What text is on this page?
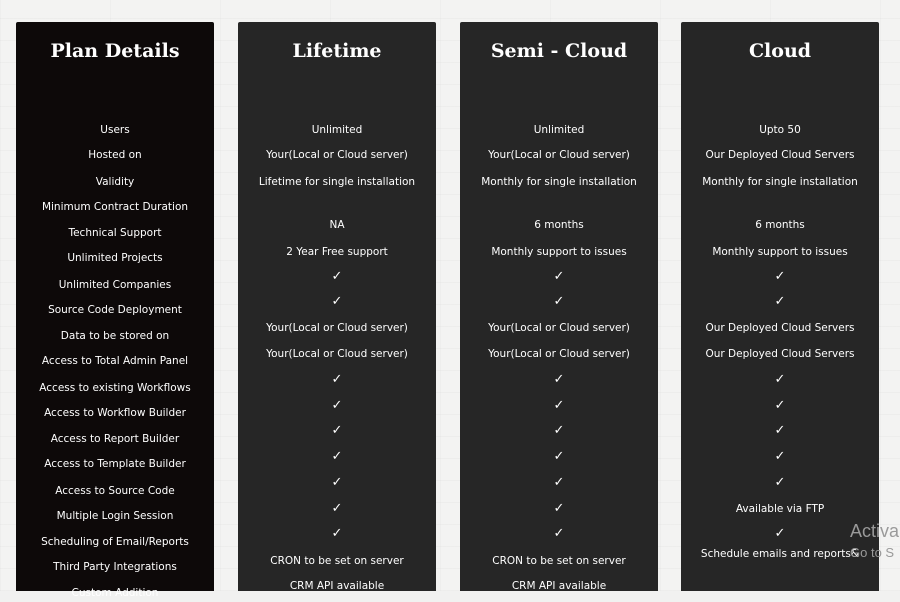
Plan Details

Users

Hosted on

Validity

Minimum Contract Duration

Technical Support

Unlimited Projects

Unlimited Companies

Source Code Deployment

Data to be stored on

Access to Total Admin Panel

Access to existing Workflows

Access to Workflow Builder

Access to Report Builder

Access to Template Builder

Access to Source Code

Multiple Login Session

Scheduling of Email/Reports

Third Party Integrations

Custom Addition

Lifetime

Unlimited

Your(Local or Cloud server)

Lifetime for single installation

NA

2 Year Free support

✓

✓

Your(Local or Cloud server)

Your(Local or Cloud server)

✓

✓

✓

✓

✓

✓

✓

CRON to be set on server

CRM API available

Semi - Cloud

Unlimited

Your(Local or Cloud server)

Monthly for single installation

6 months

Monthly support to issues

✓

✓

Your(Local or Cloud server)

Your(Local or Cloud server)

✓

✓

✓

✓

✓

✓

✓

CRON to be set on server

CRM API available

Cloud

Upto 50

Our Deployed Cloud Servers

Monthly for single installation

6 months

Monthly support to issues

✓

✓

Our Deployed Cloud Servers

Our Deployed Cloud Servers

✓

✓

✓

✓

✓

Available via FTP

✓

Schedule emails and reports&

Activa
Go to S
